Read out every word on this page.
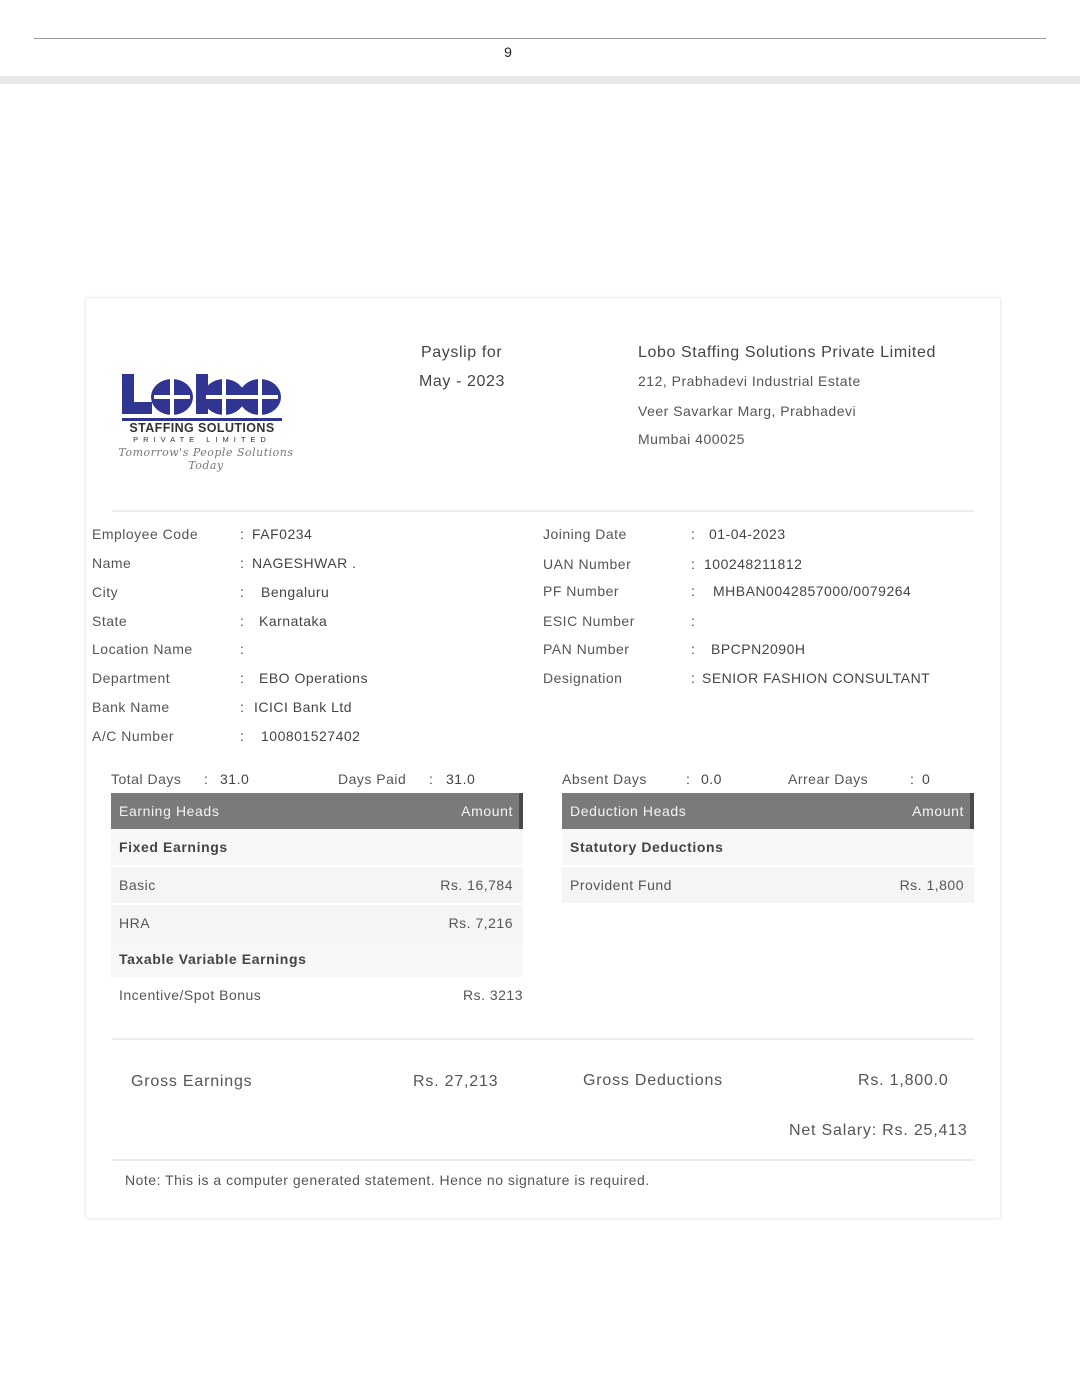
9
STAFFING SOLUTIONS
PRIVATE LIMITED
Tomorrow's People Solutions Today
Payslip for
May - 2023
Lobo Staffing Solutions Private Limited
212, Prabhadevi Industrial Estate
Veer Savarkar Marg, Prabhadevi
Mumbai 400025
Employee Code	: FAF0234
Name	: NAGESHWAR .
City	: Bengaluru
State	: Karnataka
Location Name	:
Department	: EBO Operations
Bank Name	: ICICI Bank Ltd
A/C Number	: 100801527402
Joining Date	: 01-04-2023
UAN Number	: 100248211812
PF Number	: MHBAN0042857000/0079264
ESIC Number	:
PAN Number	: BPCPN2090H
Designation	: SENIOR FASHION CONSULTANT
Total Days : 31.0	Days Paid : 31.0	Absent Days	: 0.0	Arrear Days	: 0
Earning Heads	Amount
Fixed Earnings
Basic	Rs. 16,784
HRA	Rs. 7,216
Taxable Variable Earnings
Incentive/Spot Bonus	Rs. 3213
Deduction Heads	Amount
Statutory Deductions
Provident Fund	Rs. 1,800
Gross Earnings	Rs. 27,213	Gross Deductions	Rs. 1,800.0
Net Salary: Rs. 25,413
Note: This is a computer generated statement. Hence no signature is required.
